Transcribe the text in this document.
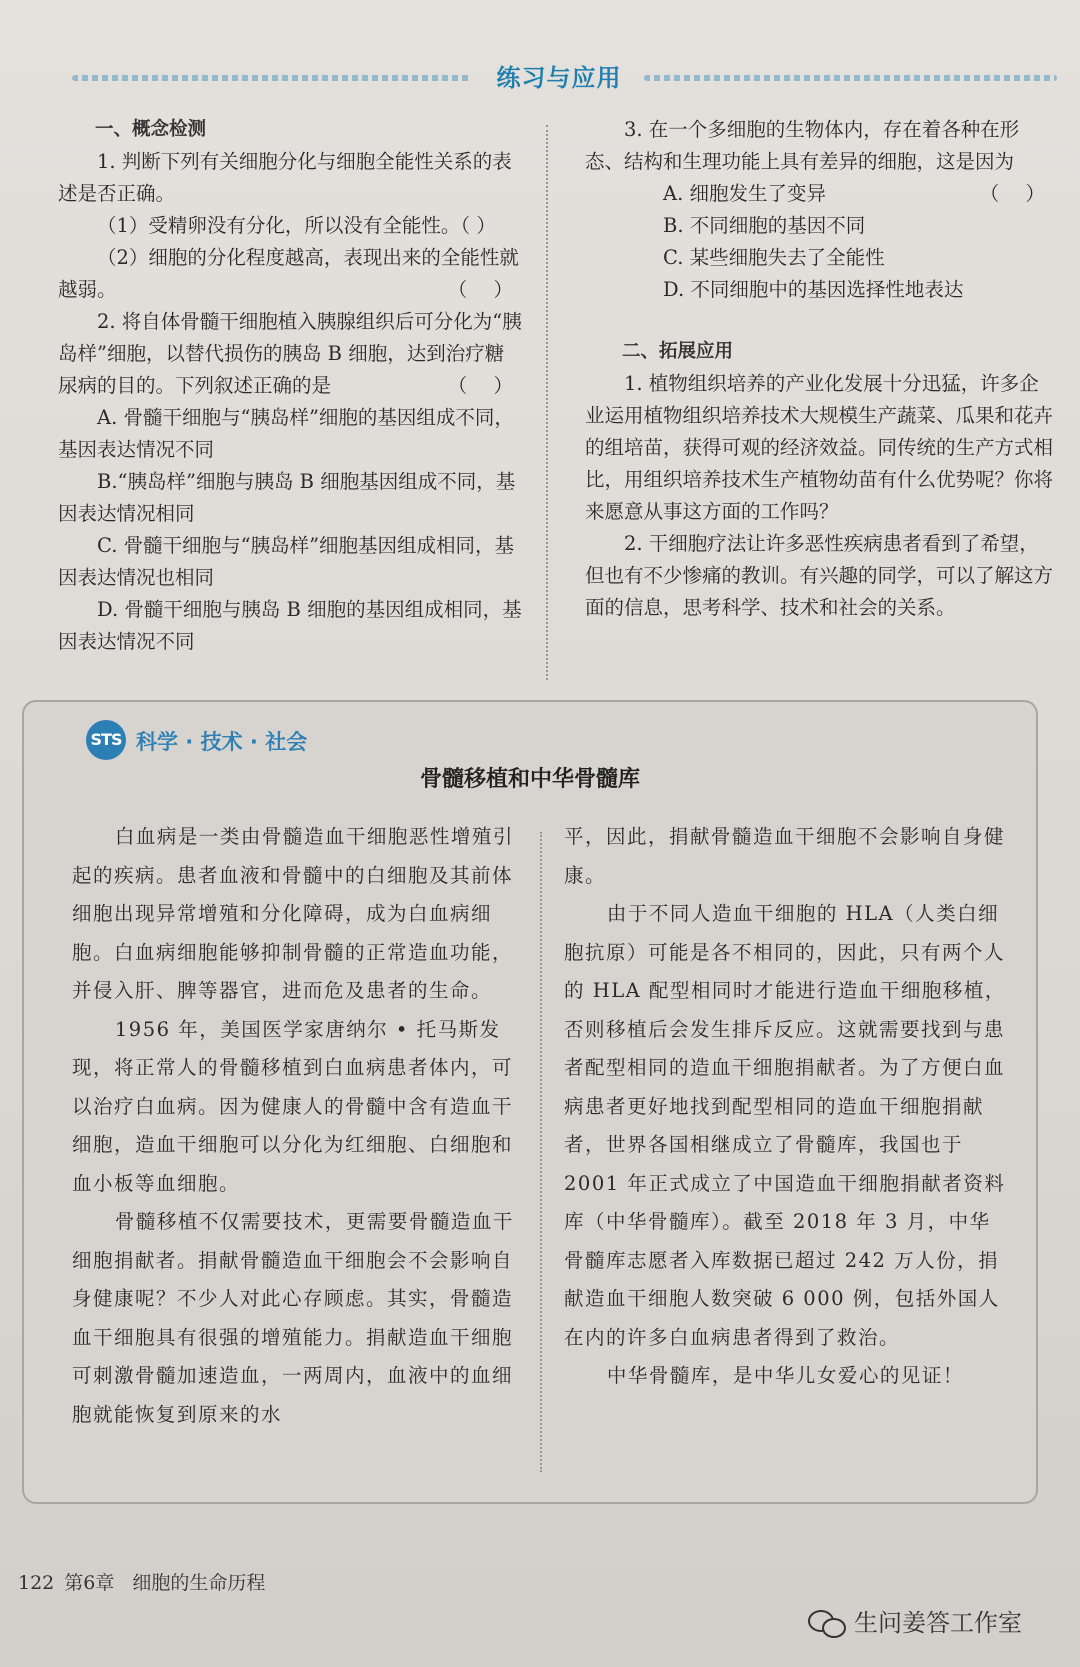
练习与应用

一、概念检测

1. 判断下列有关细胞分化与细胞全能性关系的表述是否正确。

（1）受精卵没有分化，所以没有全能性。（ ）

（2）细胞的分化程度越高，表现出来的全能性就越弱。	（ ）

2. 将自体骨髓干细胞植入胰腺组织后可分化为“胰岛样”细胞，以替代损伤的胰岛 B 细胞，达到治疗糖尿病的目的。下列叙述正确的是	（ ）

A. 骨髓干细胞与“胰岛样”细胞的基因组成不同，基因表达情况不同

B.“胰岛样”细胞与胰岛 B 细胞基因组成不同，基因表达情况相同

C. 骨髓干细胞与“胰岛样”细胞基因组成相同，基因表达情况也相同

D. 骨髓干细胞与胰岛 B 细胞的基因组成相同，基因表达情况不同

3. 在一个多细胞的生物体内，存在着各种在形态、结构和生理功能上具有差异的细胞，这是因为
（ ）

A. 细胞发生了变异

B. 不同细胞的基因不同

C. 某些细胞失去了全能性

D. 不同细胞中的基因选择性地表达

二、拓展应用

1. 植物组织培养的产业化发展十分迅猛，许多企业运用植物组织培养技术大规模生产蔬菜、瓜果和花卉的组培苗，获得可观的经济效益。同传统的生产方式相比，用组织培养技术生产植物幼苗有什么优势呢？你将来愿意从事这方面的工作吗？

2. 干细胞疗法让许多恶性疾病患者看到了希望，但也有不少惨痛的教训。有兴趣的同学，可以了解这方面的信息，思考科学、技术和社会的关系。

STS 科学 · 技术 · 社会
骨髓移植和中华骨髓库

白血病是一类由骨髓造血干细胞恶性增殖引起的疾病。患者血液和骨髓中的白细胞及其前体细胞出现异常增殖和分化障碍，成为白血病细胞。白血病细胞能够抑制骨髓的正常造血功能，并侵入肝、脾等器官，进而危及患者的生命。

1956 年，美国医学家唐纳尔 • 托马斯发现，将正常人的骨髓移植到白血病患者体内，可以治疗白血病。因为健康人的骨髓中含有造血干细胞，造血干细胞可以分化为红细胞、白细胞和血小板等血细胞。

骨髓移植不仅需要技术，更需要骨髓造血干细胞捐献者。捐献骨髓造血干细胞会不会影响自身健康呢？不少人对此心存顾虑。其实，骨髓造血干细胞具有很强的增殖能力。捐献造血干细胞可刺激骨髓加速造血，一两周内，血液中的血细胞就能恢复到原来的水

平，因此，捐献骨髓造血干细胞不会影响自身健康。

由于不同人造血干细胞的 HLA（人类白细胞抗原）可能是各不相同的，因此，只有两个人的 HLA 配型相同时才能进行造血干细胞移植，否则移植后会发生排斥反应。这就需要找到与患者配型相同的造血干细胞捐献者。为了方便白血病患者更好地找到配型相同的造血干细胞捐献者，世界各国相继成立了骨髓库，我国也于 2001 年正式成立了中国造血干细胞捐献者资料库（中华骨髓库）。截至 2018 年 3 月，中华骨髓库志愿者入库数据已超过 242 万人份，捐献造血干细胞人数突破 6 000 例，包括外国人在内的许多白血病患者得到了救治。

中华骨髓库，是中华儿女爱心的见证！

122 第6章 细胞的生命历程
生问姜答工作室
